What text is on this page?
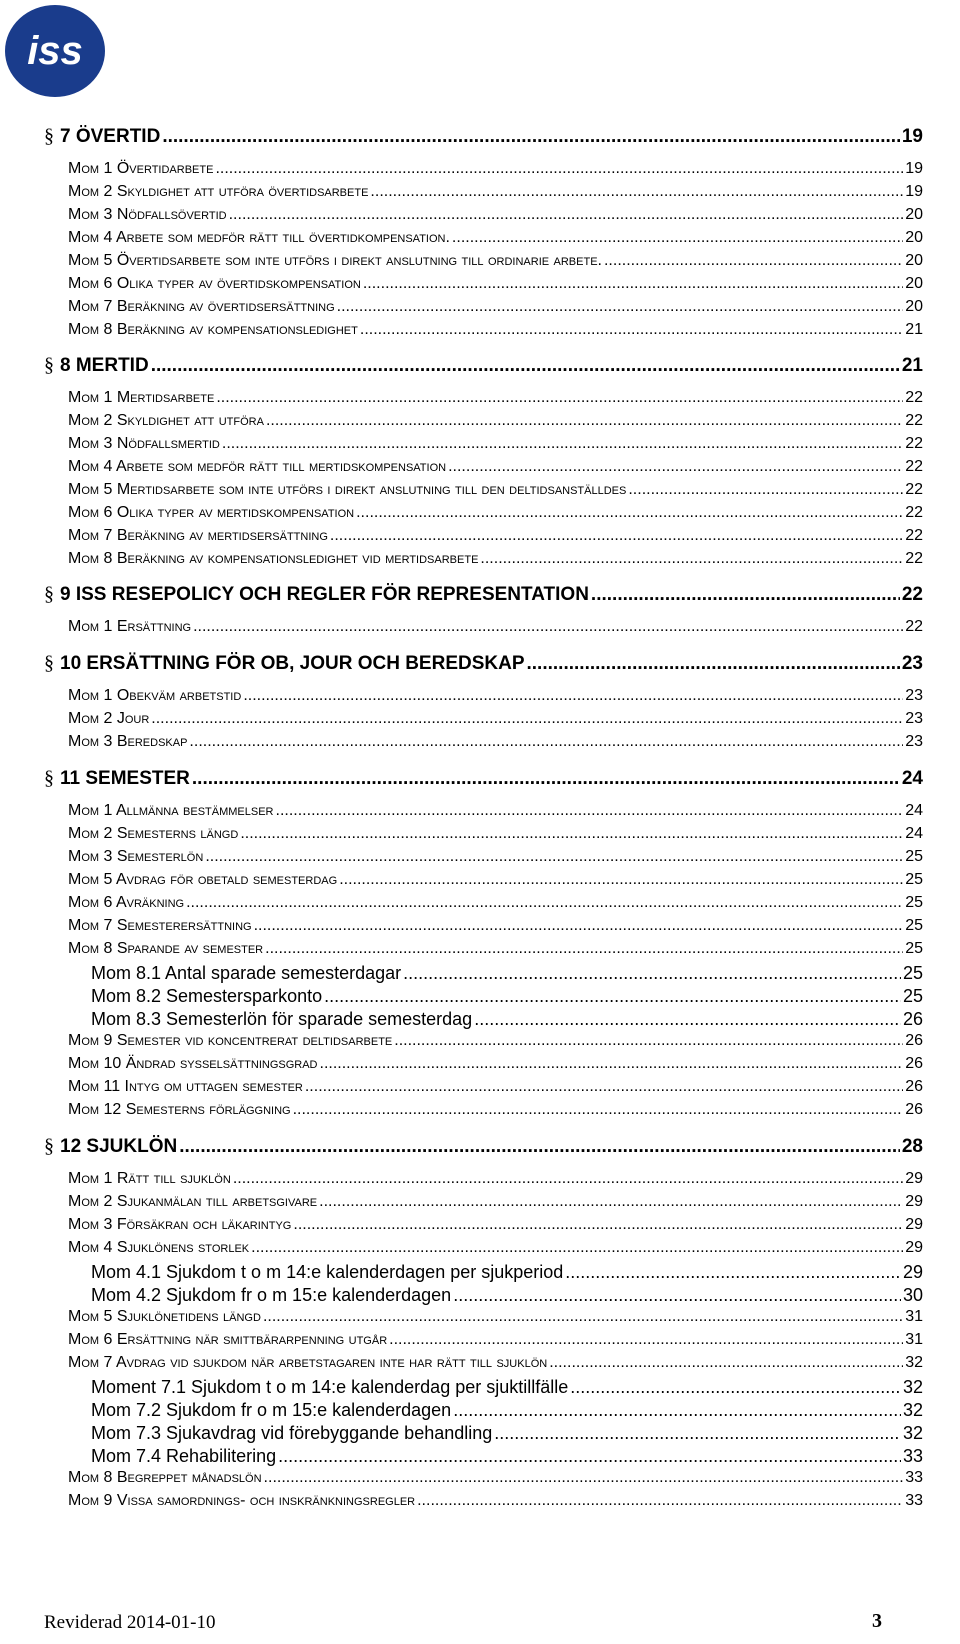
iss
§ 7 ÖVERTID .....	19
Mom 1 Övertidarbete .....	19
Mom 2 Skyldighet att utföra övertidsarbete .....	19
Mom 3 Nödfallsövertid .....	20
Mom 4 Arbete som medför rätt till övertidkompensation. .....	20
Mom 5 Övertidsarbete som inte utförs i direkt anslutning till ordinarie arbete. .....	20
Mom 6 Olika typer av övertidskompensation .....	20
Mom 7 Beräkning av övertidsersättning .....	20
Mom 8 Beräkning av kompensationsledighet .....	21
§ 8 MERTID .....	21
Mom 1 Mertidsarbete .....	22
Mom 2 Skyldighet att utföra .....	22
Mom 3 Nödfallsmertid .....	22
Mom 4 Arbete som medför rätt till mertidskompensation .....	22
Mom 5 Mertidsarbete som inte utförs i direkt anslutning till den deltidsanställdes .....	22
Mom 6 Olika typer av mertidskompensation .....	22
Mom 7 Beräkning av mertidsersättning .....	22
Mom 8 Beräkning av kompensationsledighet vid mertidsarbete .....	22
§ 9 ISS RESEPOLICY OCH REGLER FÖR REPRESENTATION .....	22
Mom 1 Ersättning .....	22
§ 10 ERSÄTTNING FÖR OB, JOUR OCH BEREDSKAP .....	23
Mom 1 Obekväm arbetstid .....	23
Mom 2 Jour .....	23
Mom 3 Beredskap .....	23
§ 11 SEMESTER .....	24
Mom 1 Allmänna bestämmelser .....	24
Mom 2 Semesterns längd .....	24
Mom 3 Semesterlön .....	25
Mom 5 Avdrag för obetald semesterdag .....	25
Mom 6 Avräkning .....	25
Mom 7 Semesterersättning .....	25
Mom 8 Sparande av semester .....	25
Mom 8.1 Antal sparade semesterdagar .....	25
Mom 8.2 Semestersparkonto .....	25
Mom 8.3 Semesterlön för sparade semesterdag .....	26
Mom 9 Semester vid koncentrerat deltidsarbete .....	26
Mom 10 Ändrad sysselsättningsgrad .....	26
Mom 11 Intyg om uttagen semester .....	26
Mom 12 Semesterns förläggning .....	26
§ 12 SJUKLÖN .....	28
Mom 1 Rätt till sjuklön .....	29
Mom 2 Sjukanmälan till arbetsgivare .....	29
Mom 3 Försäkran och läkarintyg .....	29
Mom 4 Sjuklönens storlek .....	29
Mom 4.1 Sjukdom t o m 14:e kalenderdagen per sjukperiod .....	29
Mom 4.2 Sjukdom fr o m 15:e kalenderdagen .....	30
Mom 5 Sjuklönetidens längd .....	31
Mom 6 Ersättning när smittbärarpenning utgår .....	31
Mom 7 Avdrag vid sjukdom när arbetstagaren inte har rätt till sjuklön .....	32
Moment 7.1 Sjukdom t o m 14:e kalenderdag per sjuktillfälle .....	32
Mom 7.2 Sjukdom fr o m 15:e kalenderdagen .....	32
Mom 7.3 Sjukavdrag vid förebyggande behandling .....	32
Mom 7.4 Rehabilitering .....	33
Mom 8 Begreppet månadslön .....	33
Mom 9 Vissa samordnings- och inskränkningsregler .....	33
Reviderad 2014-01-10	3
